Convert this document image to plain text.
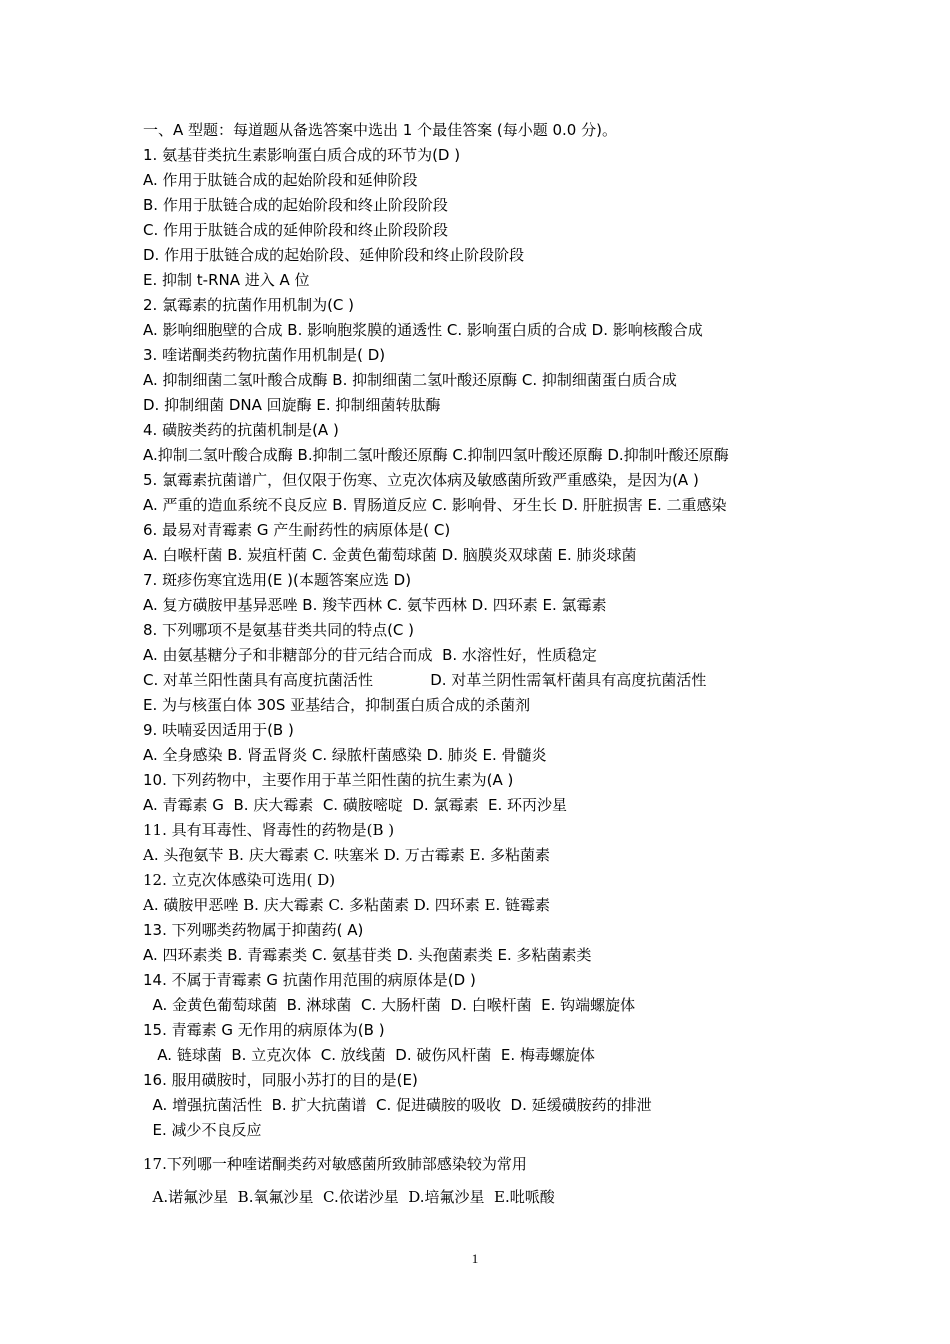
一、A 型题：每道题从备选答案中选出 1 个最佳答案 (每小题 0.0 分)。
1. 氨基苷类抗生素影响蛋白质合成的环节为(D )
A. 作用于肽链合成的起始阶段和延伸阶段
B. 作用于肽链合成的起始阶段和终止阶段阶段
C. 作用于肽链合成的延伸阶段和终止阶段阶段
D. 作用于肽链合成的起始阶段、延伸阶段和终止阶段阶段
E. 抑制 t-RNA 进入 A 位
2. 氯霉素的抗菌作用机制为(C )
A. 影响细胞壁的合成 B. 影响胞浆膜的通透性 C. 影响蛋白质的合成 D. 影响核酸合成
3. 喹诺酮类药物抗菌作用机制是( D)
A. 抑制细菌二氢叶酸合成酶 B. 抑制细菌二氢叶酸还原酶 C. 抑制细菌蛋白质合成
D. 抑制细菌 DNA 回旋酶 E. 抑制细菌转肽酶
4. 磺胺类药的抗菌机制是(A )
A.抑制二氢叶酸合成酶 B.抑制二氢叶酸还原酶 C.抑制四氢叶酸还原酶 D.抑制叶酸还原酶
5. 氯霉素抗菌谱广，但仅限于伤寒、立克次体病及敏感菌所致严重感染，是因为(A )
A. 严重的造血系统不良反应 B. 胃肠道反应 C. 影响骨、牙生长 D. 肝脏损害 E. 二重感染
6. 最易对青霉素 G 产生耐药性的病原体是( C)
A. 白喉杆菌 B. 炭疽杆菌 C. 金黄色葡萄球菌 D. 脑膜炎双球菌 E. 肺炎球菌
7. 斑疹伤寒宜选用(E )(本题答案应选 D)
A. 复方磺胺甲基异恶唑 B. 羧苄西林 C. 氨苄西林 D. 四环素 E. 氯霉素
8. 下列哪项不是氨基苷类共同的特点(C )
A. 由氨基糖分子和非糖部分的苷元结合而成  B. 水溶性好，性质稳定
C. 对革兰阳性菌具有高度抗菌活性            D. 对革兰阴性需氧杆菌具有高度抗菌活性
E. 为与核蛋白体 30S 亚基结合，抑制蛋白质合成的杀菌剂
9. 呋喃妥因适用于(B )
A. 全身感染 B. 肾盂肾炎 C. 绿脓杆菌感染 D. 肺炎 E. 骨髓炎
10. 下列药物中，主要作用于革兰阳性菌的抗生素为(A )
A. 青霉素 G  B. 庆大霉素  C. 磺胺嘧啶  D. 氯霉素  E. 环丙沙星
11. 具有耳毒性、肾毒性的药物是(B )
A. 头孢氨苄 B. 庆大霉素 C. 呋塞米 D. 万古霉素 E. 多粘菌素
12. 立克次体感染可选用( D)
A. 磺胺甲恶唑 B. 庆大霉素 C. 多粘菌素 D. 四环素 E. 链霉素
13. 下列哪类药物属于抑菌药( A)
A. 四环素类 B. 青霉素类 C. 氨基苷类 D. 头孢菌素类 E. 多粘菌素类
14. 不属于青霉素 G 抗菌作用范围的病原体是(D )
A. 金黄色葡萄球菌  B. 淋球菌  C. 大肠杆菌  D. 白喉杆菌  E. 钩端螺旋体
15. 青霉素 G 无作用的病原体为(B )
A. 链球菌  B. 立克次体  C. 放线菌  D. 破伤风杆菌  E. 梅毒螺旋体
16. 服用磺胺时，同服小苏打的目的是(E)
A. 增强抗菌活性  B. 扩大抗菌谱  C. 促进磺胺的吸收  D. 延缓磺胺药的排泄
E. 减少不良反应
17.下列哪一种喹诺酮类药对敏感菌所致肺部感染较为常用
A.诺氟沙星  B.氧氟沙星  C.依诺沙星  D.培氟沙星  E.吡哌酸
1
